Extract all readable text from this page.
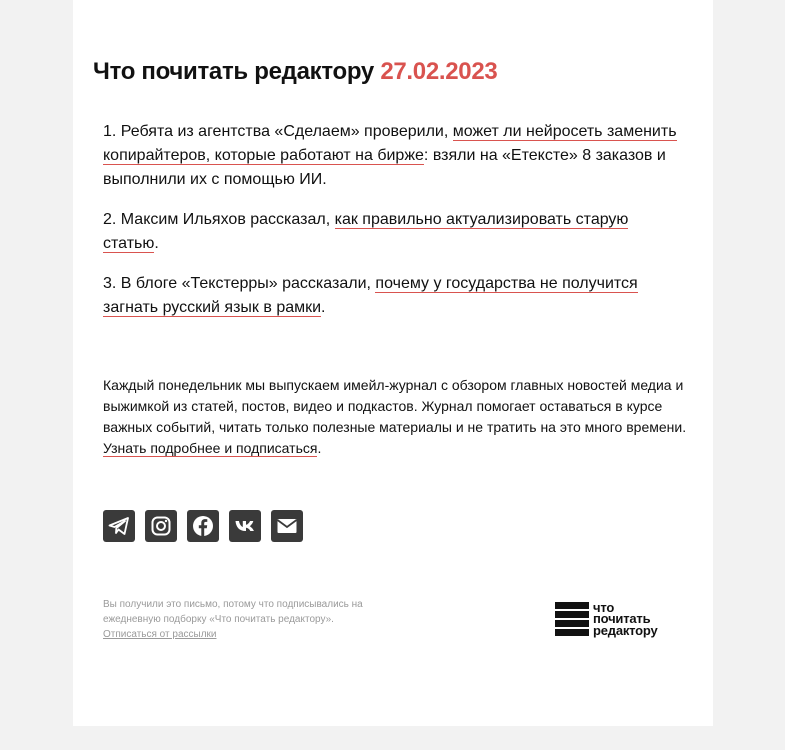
Что почитать редактору 27.02.2023

1. Ребята из агентства «Сделаем» проверили, может ли нейросеть заменить копирайтеров, которые работают на бирже: взяли на «Етексте» 8 заказов и выполнили их с помощью ИИ.

2. Максим Ильяхов рассказал, как правильно актуализировать старую статью.

3. В блоге «Текстерры» рассказали, почему у государства не получится загнать русский язык в рамки.

Каждый понедельник мы выпускаем имейл-журнал с обзором главных новостей медиа и выжимкой из статей, постов, видео и подкастов. Журнал помогает оставаться в курсе важных событий, читать только полезные материалы и не тратить на это много времени. Узнать подробнее и подписаться.
Вы получили это письмо, потому что подписывались на ежедневную подборку «Что почитать редактору».
Отписаться от рассылки
что
почитать
редактору
